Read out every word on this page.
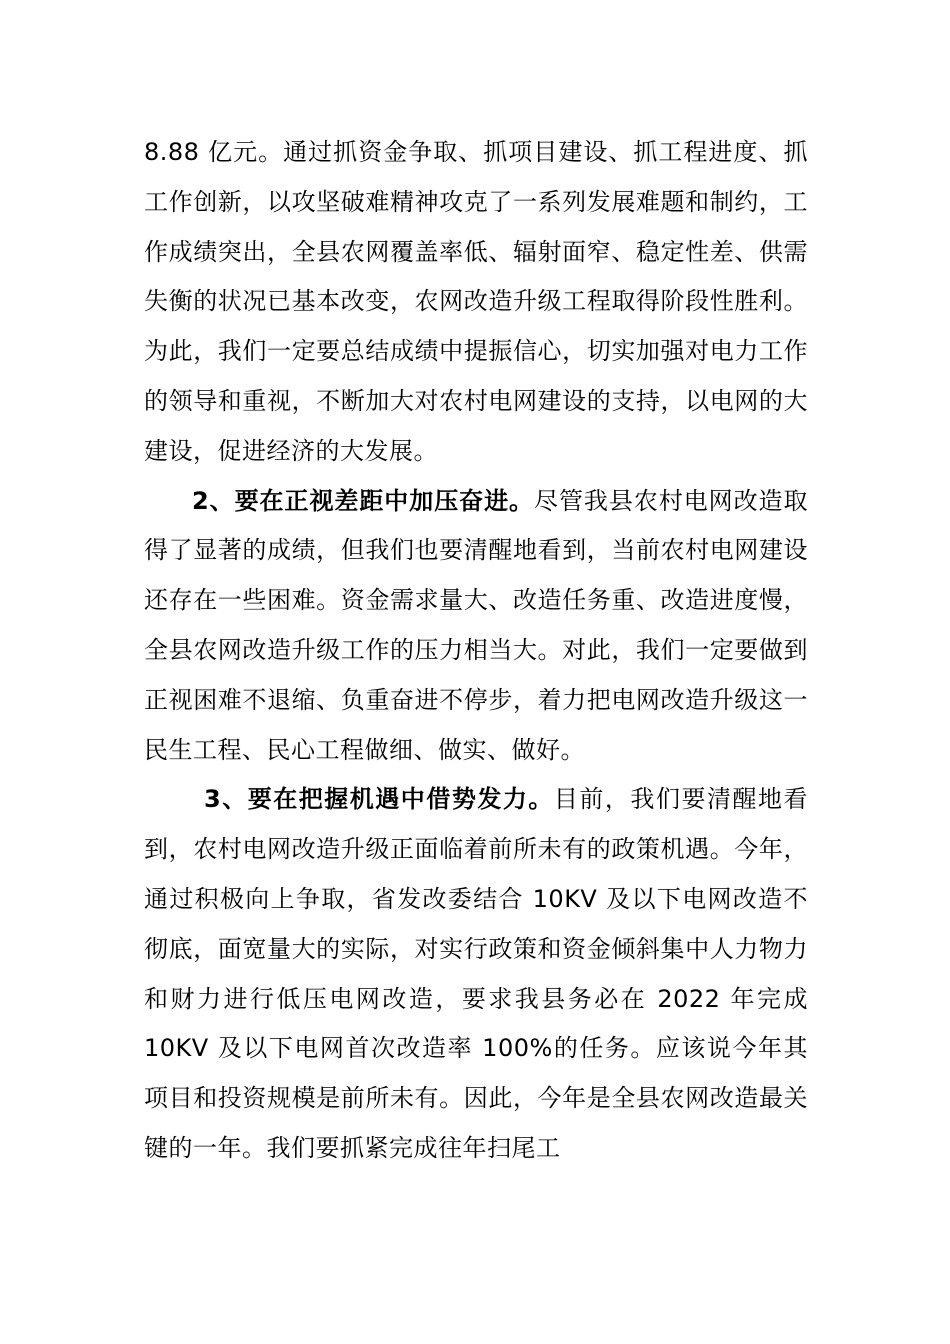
8.88 亿元。通过抓资金争取、抓项目建设、抓工程进度、抓工作创新，以攻坚破难精神攻克了一系列发展难题和制约，工作成绩突出，全县农网覆盖率低、辐射面窄、稳定性差、供需失衡的状况已基本改变，农网改造升级工程取得阶段性胜利。为此，我们一定要总结成绩中提振信心，切实加强对电力工作的领导和重视，不断加大对农村电网建设的支持，以电网的大建设，促进经济的大发展。

2、要在正视差距中加压奋进。尽管我县农村电网改造取得了显著的成绩，但我们也要清醒地看到，当前农村电网建设还存在一些困难。资金需求量大、改造任务重、改造进度慢，全县农网改造升级工作的压力相当大。对此，我们一定要做到正视困难不退缩、负重奋进不停步，着力把电网改造升级这一民生工程、民心工程做细、做实、做好。

3、要在把握机遇中借势发力。目前，我们要清醒地看到，农村电网改造升级正面临着前所未有的政策机遇。今年，通过积极向上争取，省发改委结合 10KV 及以下电网改造不彻底，面宽量大的实际，对实行政策和资金倾斜集中人力物力和财力进行低压电网改造，要求我县务必在 2022 年完成 10KV 及以下电网首次改造率 100%的任务。应该说今年其项目和投资规模是前所未有。因此，今年是全县农网改造最关键的一年。我们要抓紧完成往年扫尾工
